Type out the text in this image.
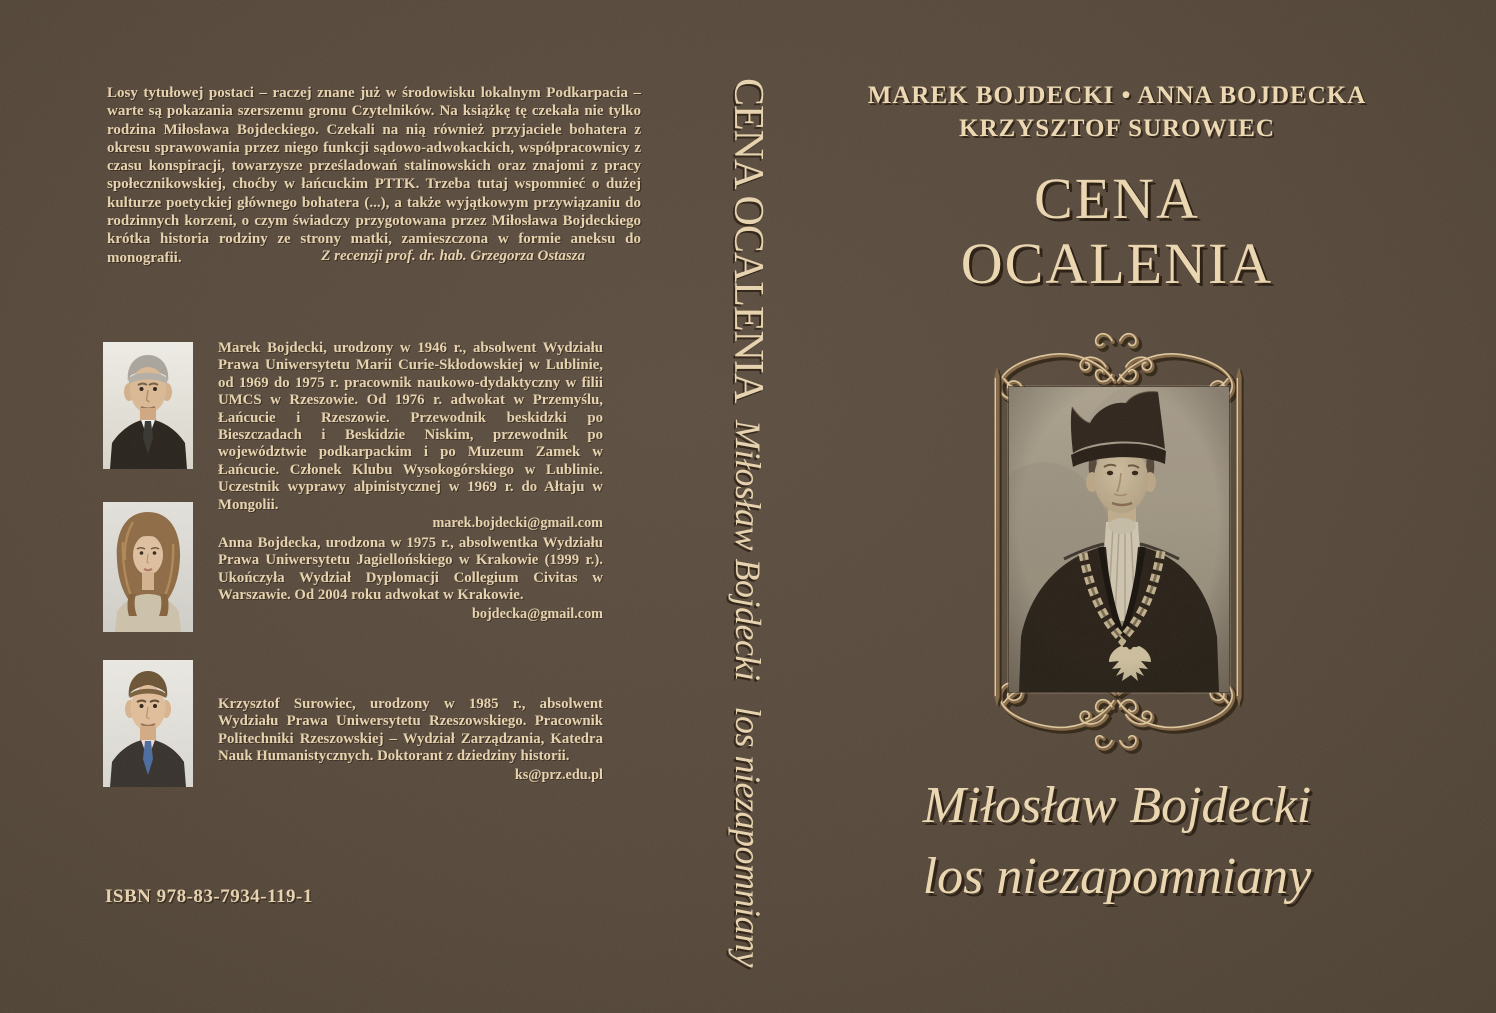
Losy tytułowej postaci – raczej znane już w środowisku lokalnym Podkarpacia – warte są pokazania szerszemu gronu Czytelników. Na książkę tę czekała nie tylko rodzina Miłosława Bojdeckiego. Czekali na nią również przyjaciele bohatera z okresu sprawowania przez niego funkcji sądowo-adwokackich, współpracownicy z czasu konspiracji, towarzysze prześladowań stalinowskich oraz znajomi z pracy społecznikowskiej, choćby w łańcuckim PTTK. Trzeba tutaj wspomnieć o dużej kulturze poetyckiej głównego bohatera (...), a także wyjątkowym przywiązaniu do rodzinnych korzeni, o czym świadczy przygotowana przez Miłosława Bojdeckiego krótka historia rodziny ze strony matki, zamieszczona w formie aneksu do monografii.	Z recenzji prof. dr. hab. Grzegorza Ostasza
Marek Bojdecki, urodzony w 1946 r., absolwent Wydziału Prawa Uniwersytetu Marii Curie-Skłodowskiej w Lublinie, od 1969 do 1975 r. pracownik naukowo-dydaktyczny w filii UMCS w Rzeszowie. Od 1976 r. adwokat w Przemyślu, Łańcucie i Rzeszowie. Przewodnik beskidzki po Bieszczadach i Beskidzie Niskim, przewodnik po województwie podkarpackim i po Muzeum Zamek w Łańcucie. Członek Klubu Wysokogórskiego w Lublinie. Uczestnik wyprawy alpinistycznej w 1969 r. do Ałtaju w Mongolii.
marek.bojdecki@gmail.com
Anna Bojdecka, urodzona w 1975 r., absolwentka Wydziału Prawa Uniwersytetu Jagiellońskiego w Krakowie (1999 r.). Ukończyła Wydział Dyplomacji Collegium Civitas w Warszawie. Od 2004 roku adwokat w Krakowie.
bojdecka@gmail.com
Krzysztof Surowiec, urodzony w 1985 r., absolwent Wydziału Prawa Uniwersytetu Rzeszowskiego. Pracownik Politechniki Rzeszowskiej – Wydział Zarządzania, Katedra Nauk Humanistycznych. Doktorant z dziedziny historii.
ks@prz.edu.pl
ISBN 978-83-7934-119-1
CENA OCALENIAMiłosław Bojdecki  los niezapomniany
MAREK BOJDECKI • ANNA BOJDECKA
KRZYSZTOF SUROWIEC
CENA
OCALENIA
Miłosław Bojdecki
los niezapomniany
